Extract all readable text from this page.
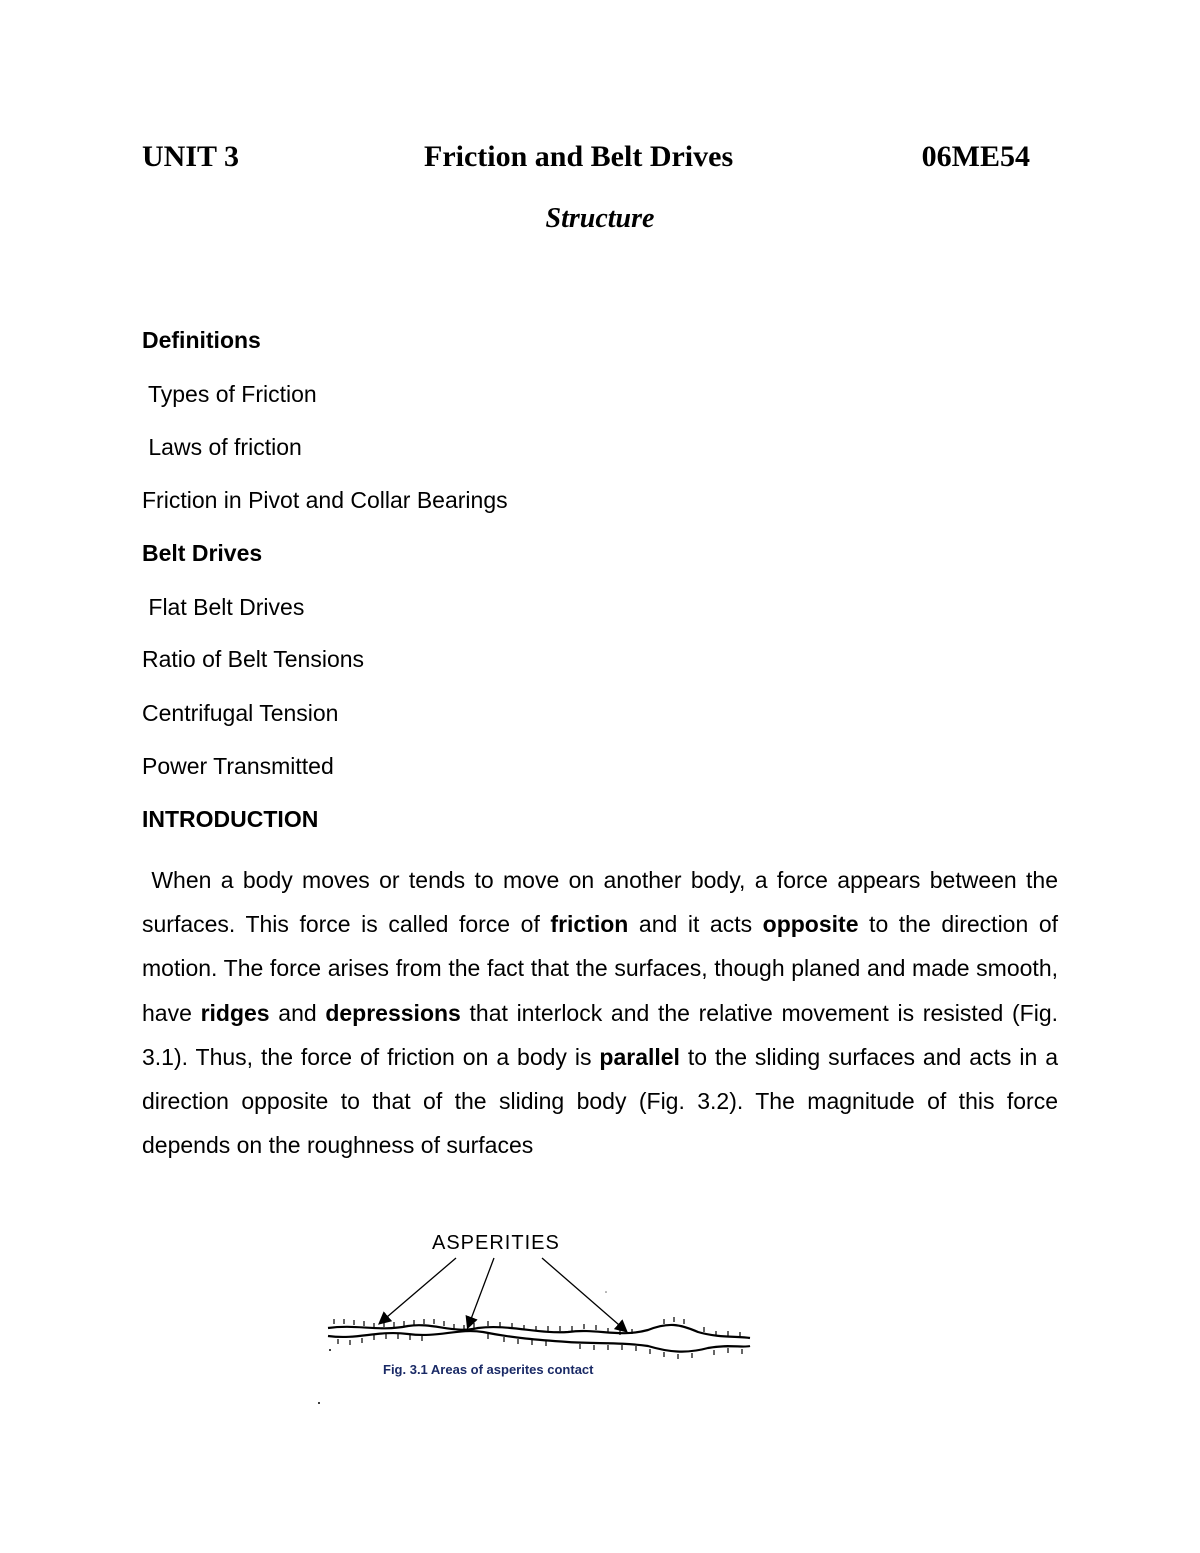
UNIT 3	Friction and Belt Drives	06ME54
Structure
Definitions
Types of Friction
Laws of friction
Friction in Pivot and Collar Bearings
Belt Drives
Flat Belt Drives
Ratio of Belt Tensions
Centrifugal Tension
Power Transmitted
INTRODUCTION
When a body moves or tends to move on another body, a force appears between the surfaces. This force is called force of friction and it acts opposite to the direction of motion. The force arises from the fact that the surfaces, though planed and made smooth, have ridges and depressions that interlock and the relative movement is resisted (Fig. 3.1). Thus, the force of friction on a body is parallel to the sliding surfaces and acts in a direction opposite to that of the sliding body (Fig. 3.2). The magnitude of this force depends on the roughness of surfaces
ASPERITIES
Fig. 3.1 Areas of asperites contact
